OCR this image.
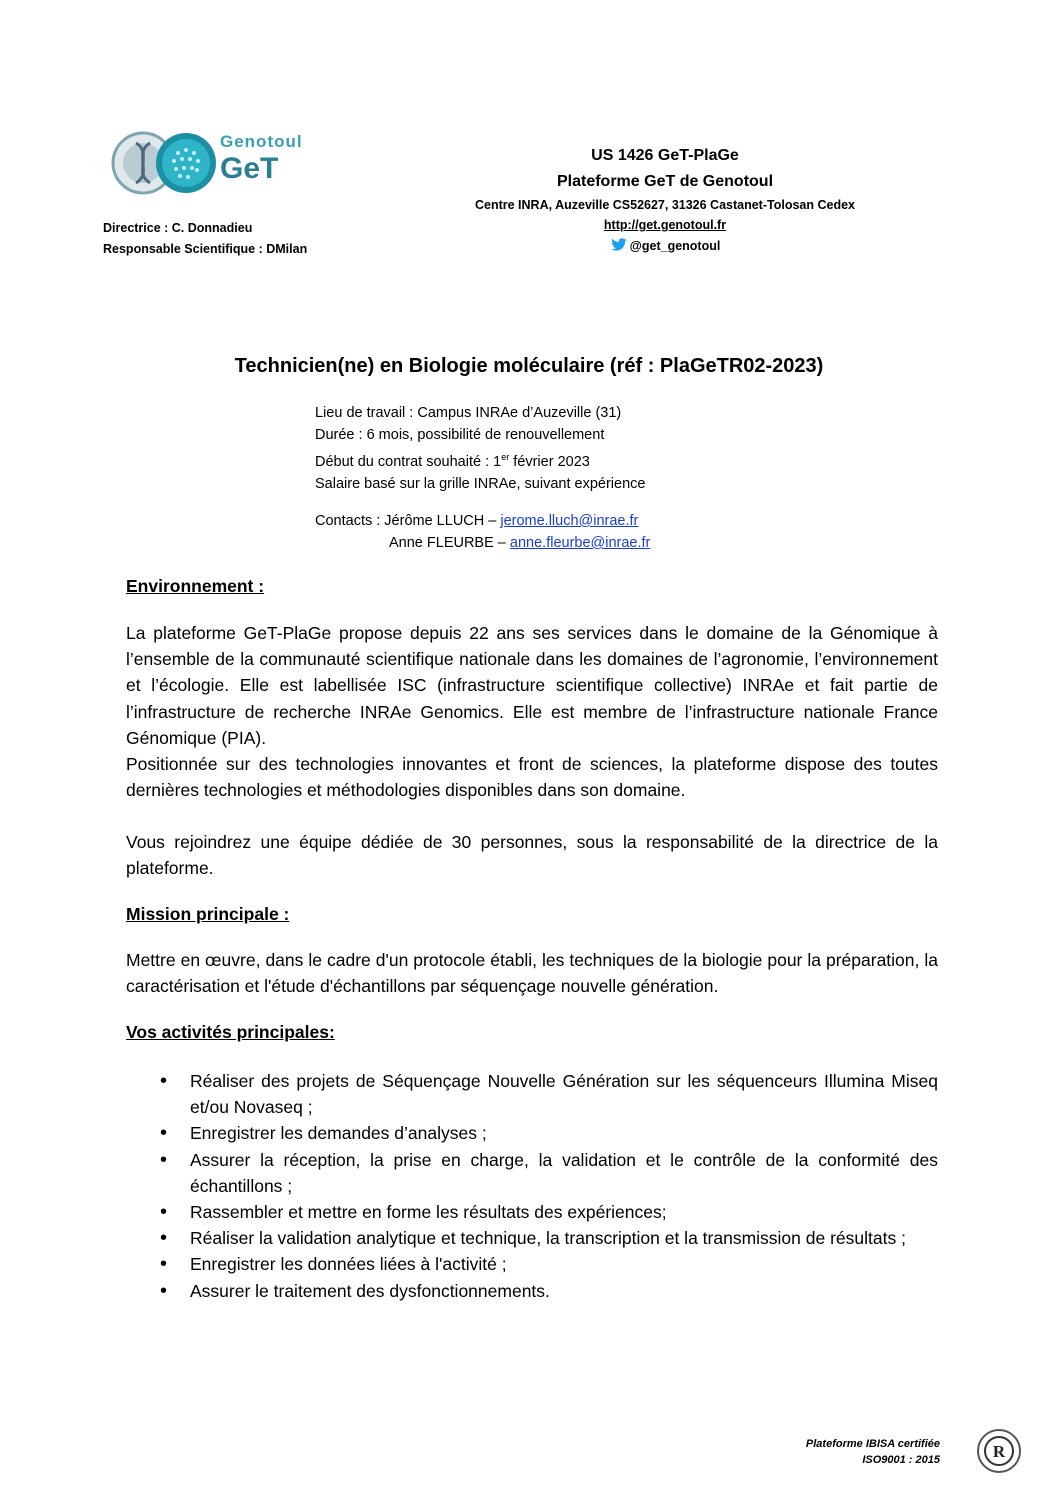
Genotoul
GeT
Directrice : C. Donnadieu
Responsable Scientifique : DMilan
US 1426 GeT-PlaGe
Plateforme GeT de Genotoul
Centre INRA, Auzeville CS52627, 31326 Castanet-Tolosan Cedex
http://get.genotoul.fr
@get_genotoul
Technicien(ne) en Biologie moléculaire (réf : PlaGeTR02-2023)
Lieu de travail : Campus INRAe d’Auzeville (31)
Durée : 6 mois, possibilité de renouvellement
Début du contrat souhaité : 1er février 2023
Salaire basé sur la grille INRAe, suivant expérience
Contacts : Jérôme LLUCH – jerome.lluch@inrae.fr
Anne FLEURBE – anne.fleurbe@inrae.fr
Environnement :
La plateforme GeT-PlaGe propose depuis 22 ans ses services dans le domaine de la Génomique à l’ensemble de la communauté scientifique nationale dans les domaines de l’agronomie, l’environnement et l’écologie. Elle est labellisée ISC (infrastructure scientifique collective) INRAe et fait partie de l’infrastructure de recherche INRAe Genomics. Elle est membre de l’infrastructure nationale France Génomique (PIA).
Positionnée sur des technologies innovantes et front de sciences, la plateforme dispose des toutes dernières technologies et méthodologies disponibles dans son domaine.
Vous rejoindrez une équipe dédiée de 30 personnes, sous la responsabilité de la directrice de la plateforme.
Mission principale :
Mettre en œuvre, dans le cadre d'un protocole établi, les techniques de la biologie pour la préparation, la caractérisation et l'étude d'échantillons par séquençage nouvelle génération.
Vos activités principales:
• Réaliser des projets de Séquençage Nouvelle Génération sur les séquenceurs Illumina Miseq et/ou Novaseq ;
• Enregistrer les demandes d’analyses ;
• Assurer la réception, la prise en charge, la validation et le contrôle de la conformité des échantillons ;
• Rassembler et mettre en forme les résultats des expériences;
• Réaliser la validation analytique et technique, la transcription et la transmission de résultats ;
• Enregistrer les données liées à l'activité ;
• Assurer le traitement des dysfonctionnements.
Plateforme IBISA certifiée
ISO9001 : 2015	R
